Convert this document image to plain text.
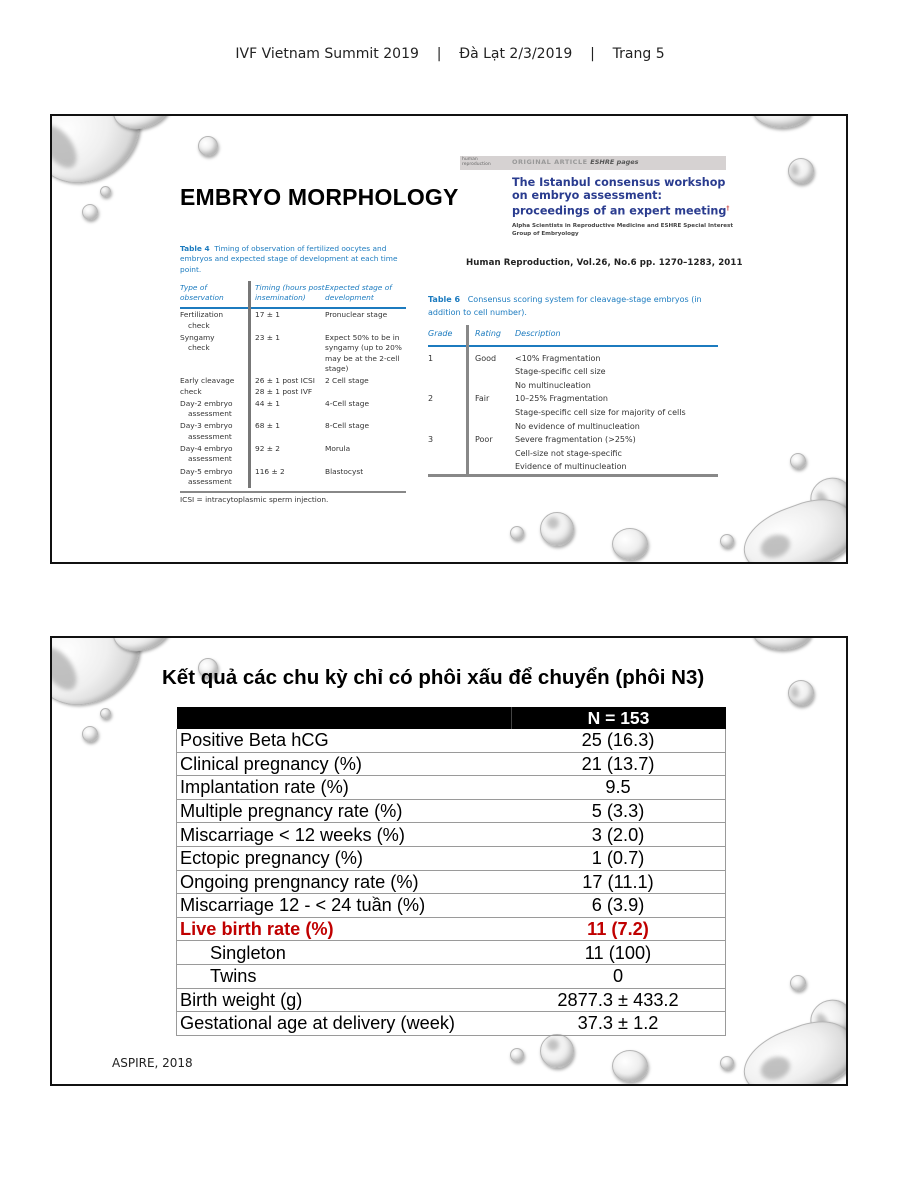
IVF Vietnam Summit 2019 | Đà Lạt 2/3/2019 | Trang 5
EMBRYO MORPHOLOGY
Table 4 Timing of observation of fertilized oocytes and embryos and expected stage of development at each time point.
Type of observation	Timing (hours post insemination)	Expected stage of development
Fertilization
check	17 ± 1	Pronuclear stage
Syngamy
check	23 ± 1	Expect 50% to be in syngamy (up to 20% may be at the 2-cell stage)
Early cleavage
check	26 ± 1 post ICSI
28 ± 1 post IVF	2 Cell stage
Day-2 embryo
assessment	44 ± 1	4-Cell stage
Day-3 embryo
assessment	68 ± 1	8-Cell stage
Day-4 embryo
assessment	92 ± 2	Morula
Day-5 embryo
assessment	116 ± 2	Blastocyst
ICSI = intracytoplasmic sperm injection.
human reproduction	ORIGINAL ARTICLE ESHRE pages
The Istanbul consensus workshop on embryo assessment: proceedings of an expert meeting†
Alpha Scientists in Reproductive Medicine and ESHRE Special Interest Group of Embryology
Human Reproduction, Vol.26, No.6 pp. 1270–1283, 2011
Table 6 Consensus scoring system for cleavage-stage embryos (in addition to cell number).
Grade	Rating	Description
1	Good	<10% Fragmentation
Stage-specific cell size
No multinucleation

2	Fair	10–25% Fragmentation
Stage-specific cell size for majority of cells
No evidence of multinucleation

3	Poor	Severe fragmentation (>25%)
Cell-size not stage-specific
Evidence of multinucleation
Kết quả các chu kỳ chỉ có phôi xấu để chuyển (phôi N3)
	N = 153
Positive Beta hCG	25 (16.3)
Clinical pregnancy (%)	21 (13.7)
Implantation rate (%)	9.5
Multiple pregnancy rate (%)	5 (3.3)
Miscarriage < 12 weeks (%)	3 (2.0)
Ectopic pregnancy (%)	1 (0.7)
Ongoing prengnancy rate (%)	17 (11.1)
Miscarriage 12 - < 24 tuần (%)	6 (3.9)
Live birth rate (%)	11 (7.2)
Singleton	11 (100)
Twins	0
Birth weight (g)	2877.3 ± 433.2
Gestational age at delivery (week)	37.3 ± 1.2
ASPIRE, 2018
